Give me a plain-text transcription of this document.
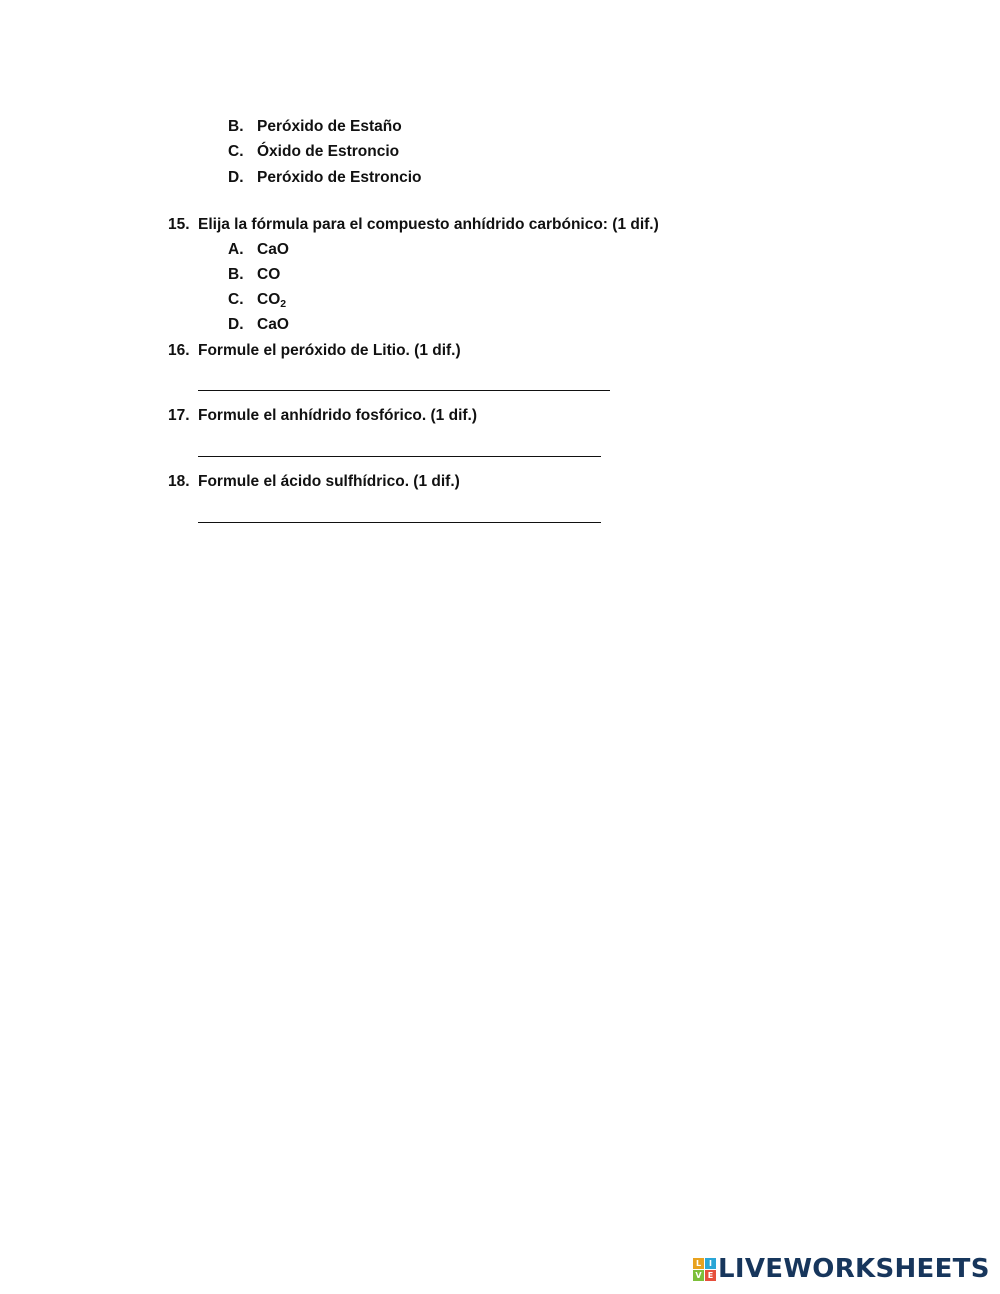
B. Peróxido de Estaño
C. Óxido de Estroncio
D. Peróxido de Estroncio
15. Elija la fórmula para el compuesto anhídrido carbónico: (1 dif.)
A. CaO
B. CO
C. $CO_2$
D. CaO
16. Formule el peróxido de Litio. (1 dif.)
17. Formule el anhídrido fosfórico. (1 dif.)
18. Formule el ácido sulfhídrico. (1 dif.)
L I
V E LIVEWORKSHEETS
